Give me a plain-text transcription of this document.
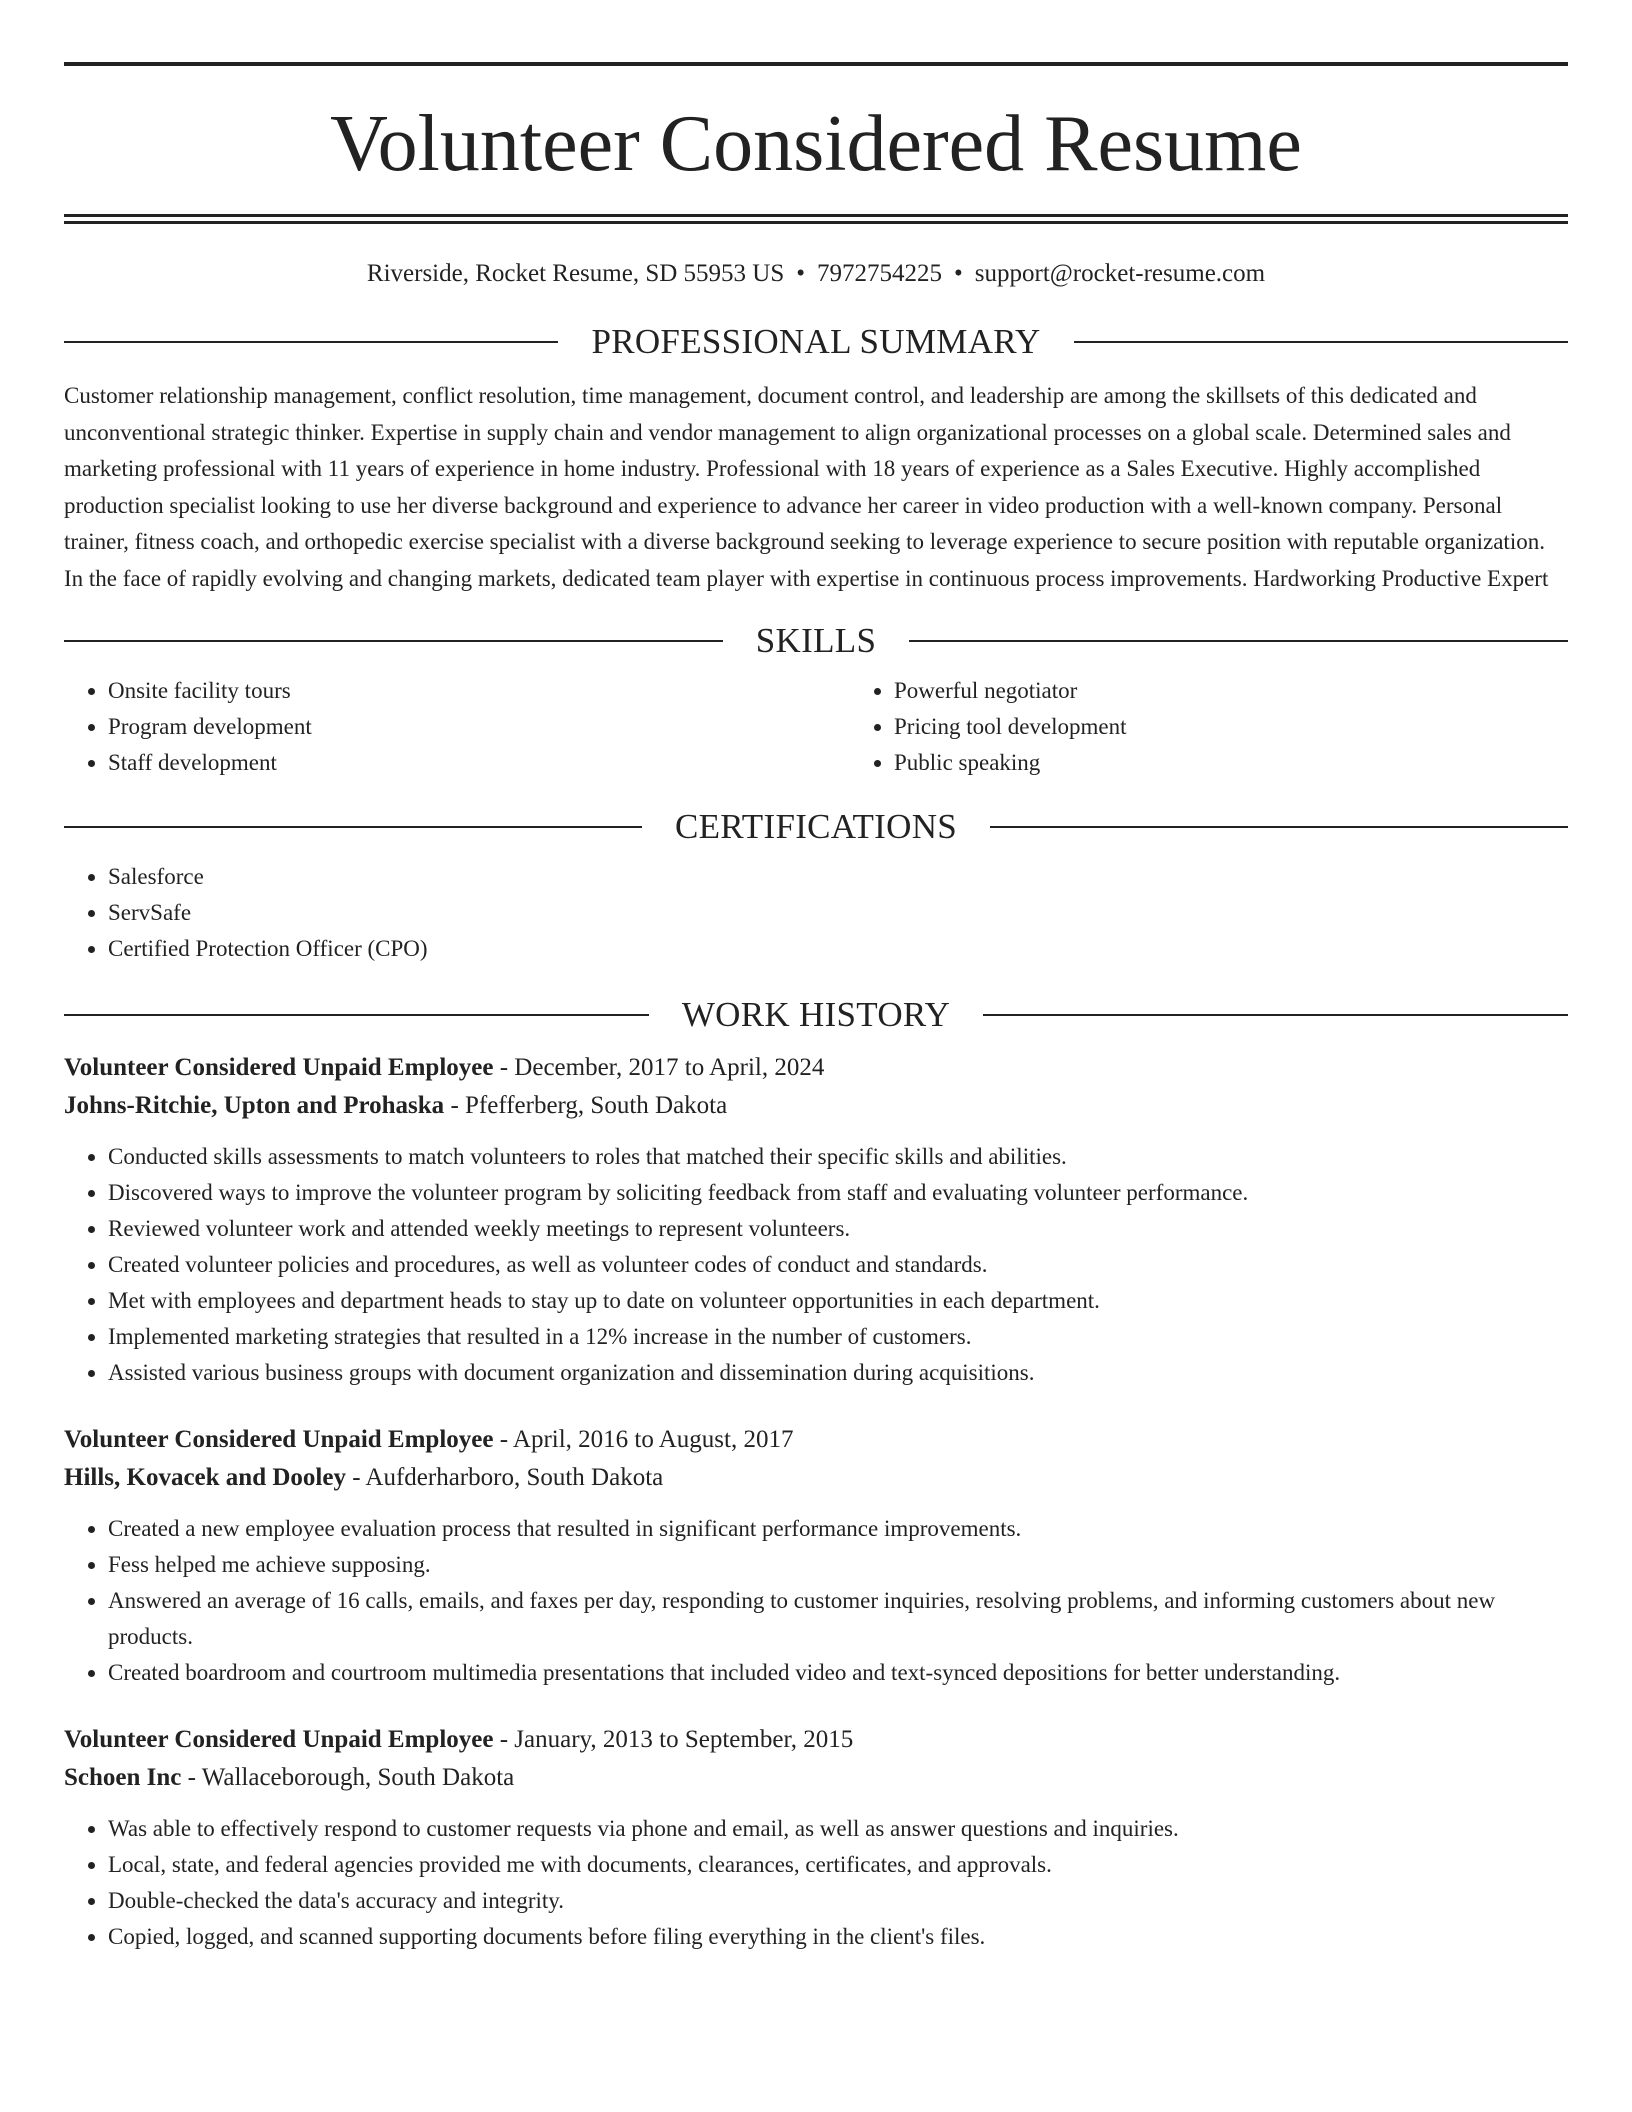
Volunteer Considered Resume
Riverside, Rocket Resume, SD 55953 US • 7972754225 • support@rocket-resume.com
PROFESSIONAL SUMMARY

Customer relationship management, conflict resolution, time management, document control, and leadership are among the skillsets of this dedicated and unconventional strategic thinker. Expertise in supply chain and vendor management to align organizational processes on a global scale. Determined sales and marketing professional with 11 years of experience in home industry. Professional with 18 years of experience as a Sales Executive. Highly accomplished production specialist looking to use her diverse background and experience to advance her career in video production with a well-known company. Personal trainer, fitness coach, and orthopedic exercise specialist with a diverse background seeking to leverage experience to secure position with reputable organization. In the face of rapidly evolving and changing markets, dedicated team player with expertise in continuous process improvements. Hardworking Productive Expert

SKILLS
• Onsite facility tours
• Program development
• Staff development
• Powerful negotiator
• Pricing tool development
• Public speaking
CERTIFICATIONS
• Salesforce
• ServSafe
• Certified Protection Officer (CPO)
WORK HISTORY
Volunteer Considered Unpaid Employee - December, 2017 to April, 2024
Johns-Ritchie, Upton and Prohaska - Pfefferberg, South Dakota
• Conducted skills assessments to match volunteers to roles that matched their specific skills and abilities.
• Discovered ways to improve the volunteer program by soliciting feedback from staff and evaluating volunteer performance.
• Reviewed volunteer work and attended weekly meetings to represent volunteers.
• Created volunteer policies and procedures, as well as volunteer codes of conduct and standards.
• Met with employees and department heads to stay up to date on volunteer opportunities in each department.
• Implemented marketing strategies that resulted in a 12% increase in the number of customers.
• Assisted various business groups with document organization and dissemination during acquisitions.
Volunteer Considered Unpaid Employee - April, 2016 to August, 2017
Hills, Kovacek and Dooley - Aufderharboro, South Dakota
• Created a new employee evaluation process that resulted in significant performance improvements.
• Fess helped me achieve supposing.
• Answered an average of 16 calls, emails, and faxes per day, responding to customer inquiries, resolving problems, and informing customers about new products.
• Created boardroom and courtroom multimedia presentations that included video and text-synced depositions for better understanding.
Volunteer Considered Unpaid Employee - January, 2013 to September, 2015
Schoen Inc - Wallaceborough, South Dakota
• Was able to effectively respond to customer requests via phone and email, as well as answer questions and inquiries.
• Local, state, and federal agencies provided me with documents, clearances, certificates, and approvals.
• Double-checked the data's accuracy and integrity.
• Copied, logged, and scanned supporting documents before filing everything in the client's files.
